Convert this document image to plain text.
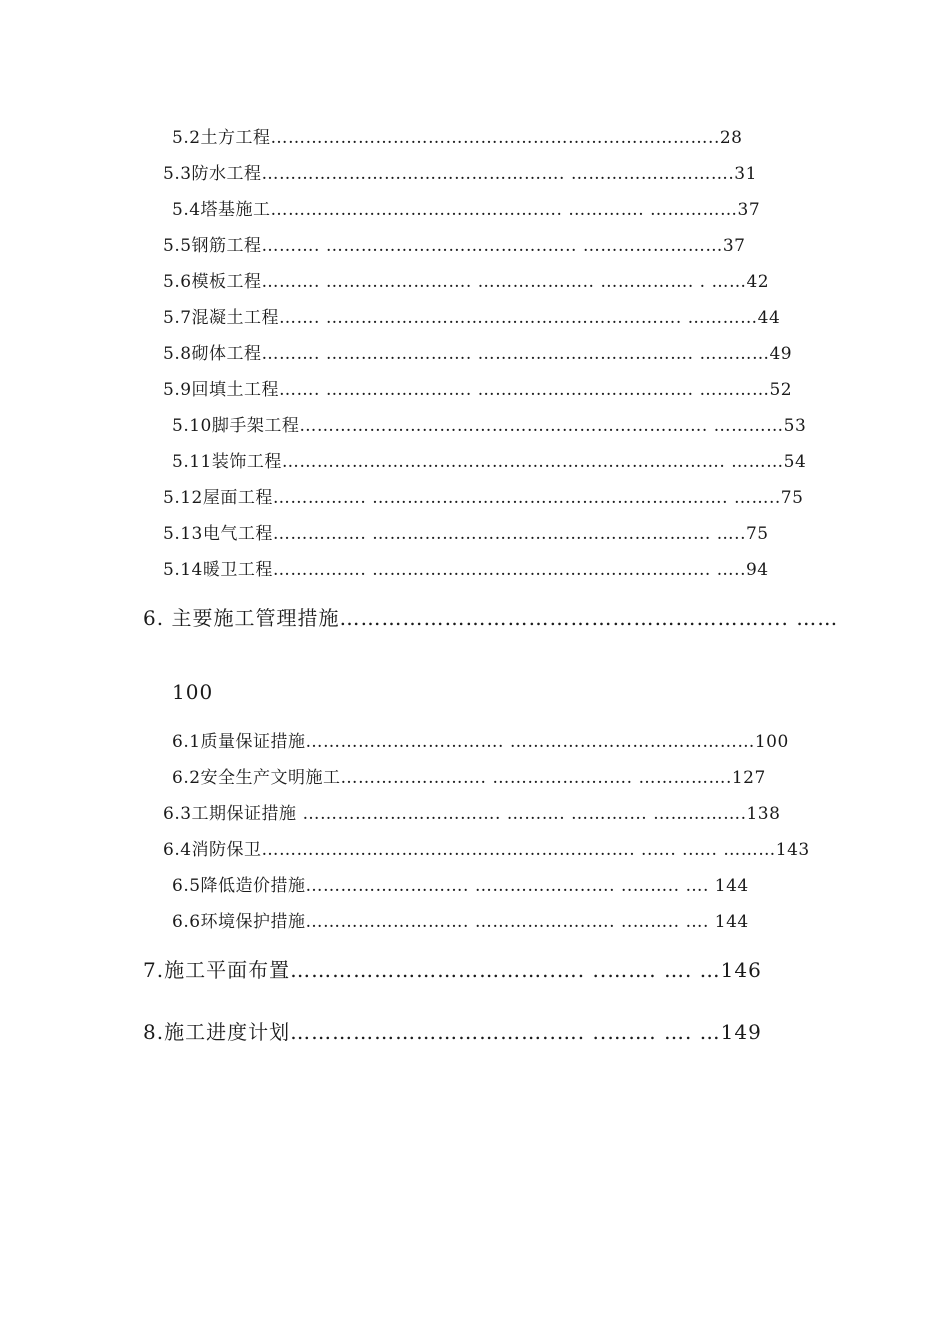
5.2土方工程…………………………………………………………………..28
5.3防水工程……………………………………………. ……………………….31
5.4塔基施工……………………………………….…. …………. ……………37
5.5钢筋工程………. ………………………………..….. ……………………37
5.6模板工程………. ……………………. ……………….. ……………. . ……42
5.7混凝土工程……. ……………………………………………………. …………44
5.8砌体工程………. ……………………. ………………………………. …………49
5.9回填土工程……. ……………………. ………………………………. …………52
5.10脚手架工程……………………………………………………………. …………53
5.11装饰工程…………………………………………………………………. ………54
5.12屋面工程……………. ……………………………………………………. ……..75
5.13电气工程……………. ……………………………………………….... …..75
5.14暖卫工程……………. ……………………………………………….... …..94
6. 主要施工管理措施…………………………………………………….... ……
100
6.1质量保证措施……………………………. ……………………………………100
6.2安全生产文明施工……………………. ………………..…. …………….127
6.3工期保证措施 ……………………………. ………. ……….... …………….138
6.4消防保卫…………………………………………………...…. ..…. ..…. ………143
6.5降低造价措施………………………. ………………..…. ..…….. …. 144
6.6环境保护措施………………………. ………………..…. ..…….. …. 144
7.施工平面布置………………………………..…. ..……. …. …146
8.施工进度计划………………………………..…. ..……. …. …149
